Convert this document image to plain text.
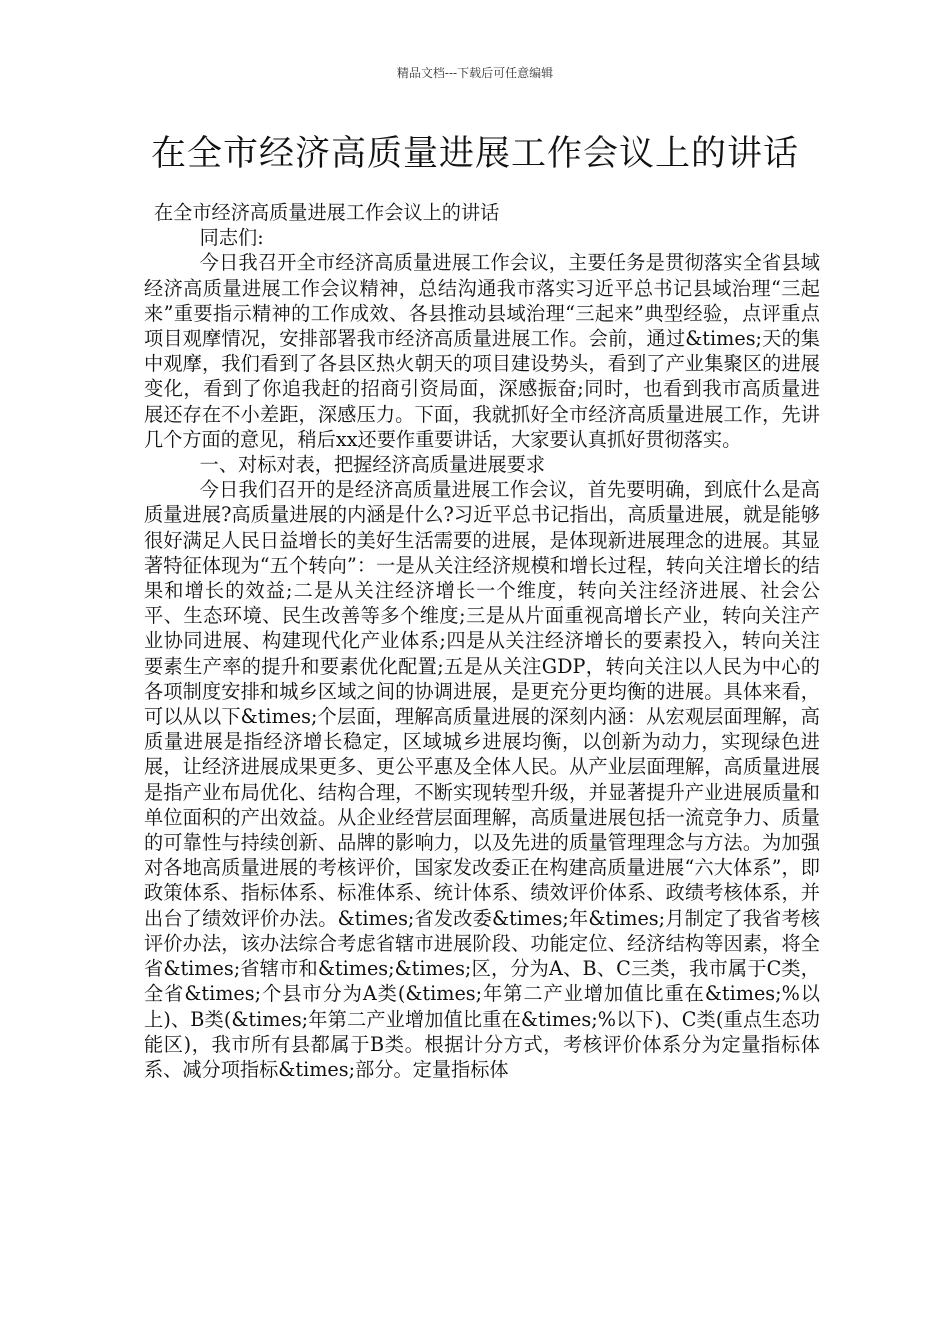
精品文档---下载后可任意编辑
在全市经济高质量进展工作会议上的讲话

在全市经济高质量进展工作会议上的讲话

同志们:

今日我召开全市经济高质量进展工作会议，主要任务是贯彻落实全省县域经济高质量进展工作会议精神，总结沟通我市落实习近平总书记县域治理“三起来”重要指示精神的工作成效、各县推动县域治理“三起来”典型经验，点评重点项目观摩情况，安排部署我市经济高质量进展工作。会前，通过&times;天的集中观摩，我们看到了各县区热火朝天的项目建设势头，看到了产业集聚区的进展变化，看到了你追我赶的招商引资局面，深感振奋;同时，也看到我市高质量进展还存在不小差距，深感压力。下面，我就抓好全市经济高质量进展工作，先讲几个方面的意见，稍后xx还要作重要讲话，大家要认真抓好贯彻落实。

一、对标对表，把握经济高质量进展要求

今日我们召开的是经济高质量进展工作会议，首先要明确，到底什么是高质量进展?高质量进展的内涵是什么?习近平总书记指出，高质量进展，就是能够很好满足人民日益增长的美好生活需要的进展，是体现新进展理念的进展。其显著特征体现为“五个转向”：一是从关注经济规模和增长过程，转向关注增长的结果和增长的效益;二是从关注经济增长一个维度，转向关注经济进展、社会公平、生态环境、民生改善等多个维度;三是从片面重视高增长产业，转向关注产业协同进展、构建现代化产业体系;四是从关注经济增长的要素投入，转向关注要素生产率的提升和要素优化配置;五是从关注GDP，转向关注以人民为中心的各项制度安排和城乡区域之间的协调进展，是更充分更均衡的进展。具体来看，可以从以下&times;个层面，理解高质量进展的深刻内涵：从宏观层面理解，高质量进展是指经济增长稳定，区域城乡进展均衡，以创新为动力，实现绿色进展，让经济进展成果更多、更公平惠及全体人民。从产业层面理解，高质量进展是指产业布局优化、结构合理，不断实现转型升级，并显著提升产业进展质量和单位面积的产出效益。从企业经营层面理解，高质量进展包括一流竞争力、质量的可靠性与持续创新、品牌的影响力，以及先进的质量管理理念与方法。为加强对各地高质量进展的考核评价，国家发改委正在构建高质量进展“六大体系”，即政策体系、指标体系、标准体系、统计体系、绩效评价体系、政绩考核体系，并出台了绩效评价办法。&times;省发改委&times;年&times;月制定了我省考核评价办法，该办法综合考虑省辖市进展阶段、功能定位、经济结构等因素，将全省&times;省辖市和&times;&times;区，分为A、B、C三类，我市属于C类，全省&times;个县市分为A类(&times;年第二产业增加值比重在&times;%以上)、B类(&times;年第二产业增加值比重在&times;%以下)、C类(重点生态功能区)，我市所有县都属于B类。根据计分方式，考核评价体系分为定量指标体系、减分项指标&times;部分。定量指标体
